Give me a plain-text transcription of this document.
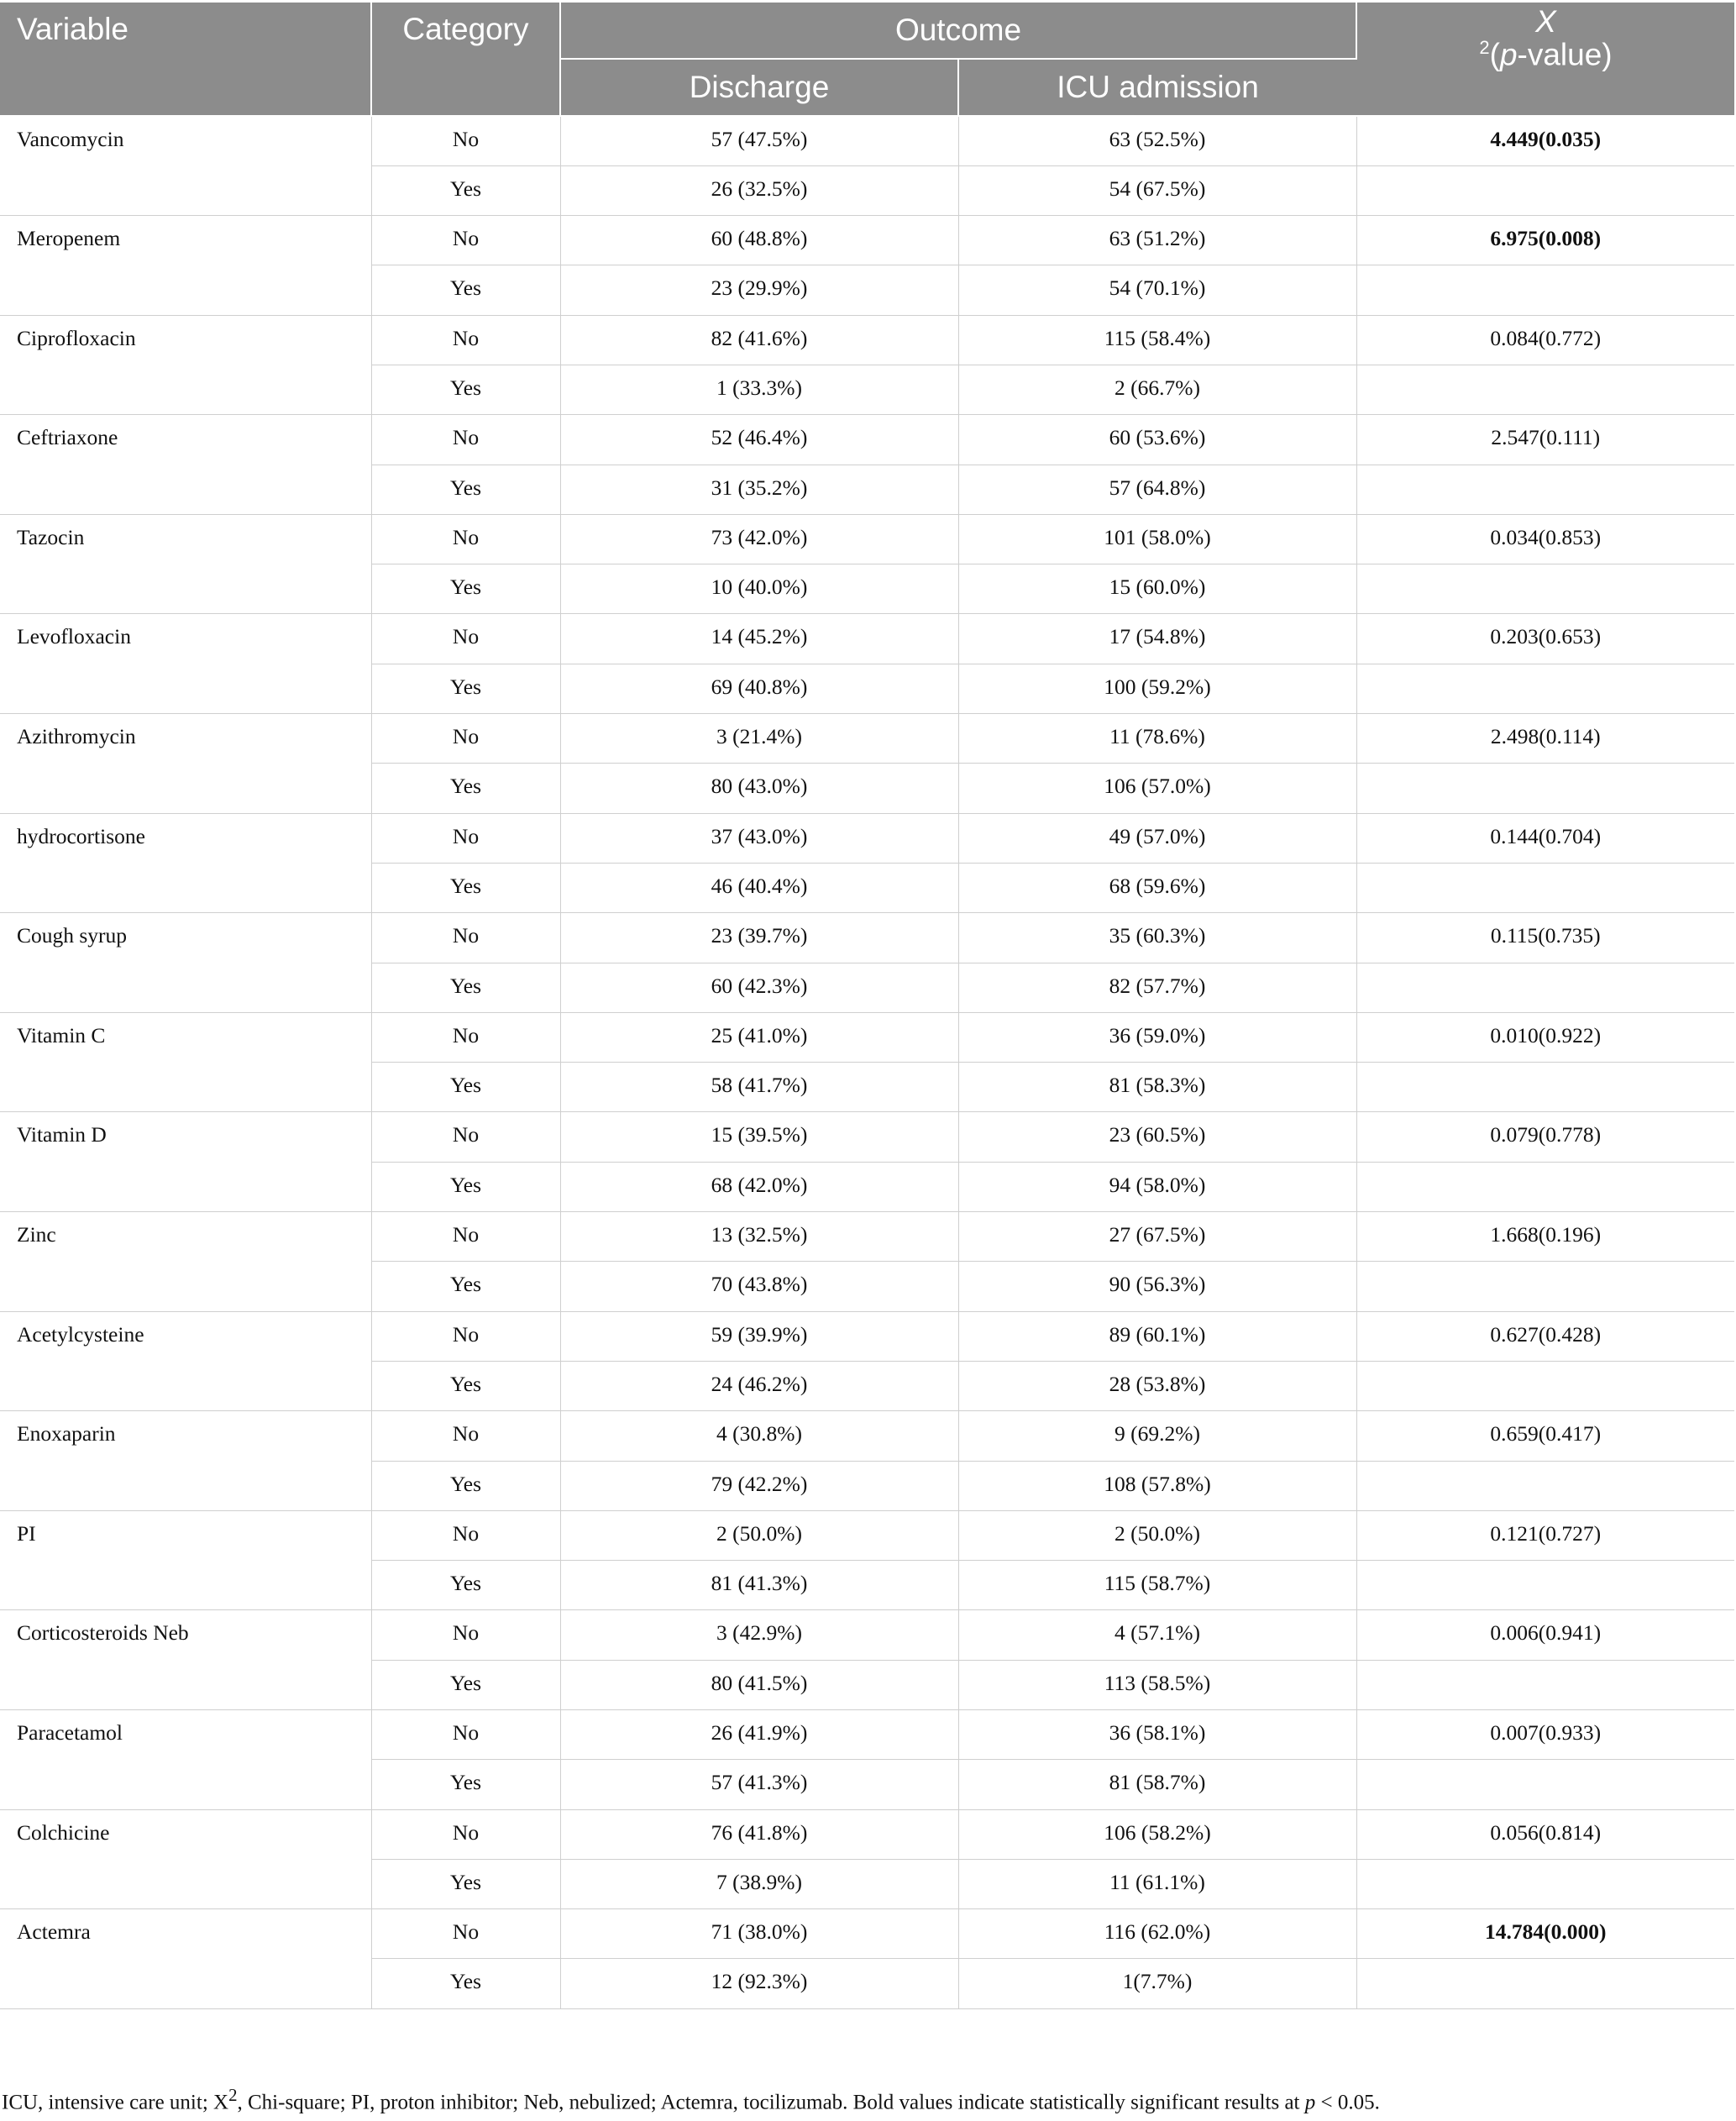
Variable	Category	Outcome		X
$^2$(p-value)

		Discharge	ICU admission	
Vancomycin	No	57 (47.5%)	63 (52.5%)	4.449(0.035)
	Yes	26 (32.5%)	54 (67.5%)	
Meropenem	No	60 (48.8%)	63 (51.2%)	6.975(0.008)
	Yes	23 (29.9%)	54 (70.1%)	
Ciprofloxacin	No	82 (41.6%)	115 (58.4%)	0.084(0.772)
	Yes	1 (33.3%)	2 (66.7%)	
Ceftriaxone	No	52 (46.4%)	60 (53.6%)	2.547(0.111)
	Yes	31 (35.2%)	57 (64.8%)	
Tazocin	No	73 (42.0%)	101 (58.0%)	0.034(0.853)
	Yes	10 (40.0%)	15 (60.0%)	
Levofloxacin	No	14 (45.2%)	17 (54.8%)	0.203(0.653)
	Yes	69 (40.8%)	100 (59.2%)	
Azithromycin	No	3 (21.4%)	11 (78.6%)	2.498(0.114)
	Yes	80 (43.0%)	106 (57.0%)	
hydrocortisone	No	37 (43.0%)	49 (57.0%)	0.144(0.704)
	Yes	46 (40.4%)	68 (59.6%)	
Cough syrup	No	23 (39.7%)	35 (60.3%)	0.115(0.735)
	Yes	60 (42.3%)	82 (57.7%)	
Vitamin C	No	25 (41.0%)	36 (59.0%)	0.010(0.922)
	Yes	58 (41.7%)	81 (58.3%)	
Vitamin D	No	15 (39.5%)	23 (60.5%)	0.079(0.778)
	Yes	68 (42.0%)	94 (58.0%)	
Zinc	No	13 (32.5%)	27 (67.5%)	1.668(0.196)
	Yes	70 (43.8%)	90 (56.3%)	
Acetylcysteine	No	59 (39.9%)	89 (60.1%)	0.627(0.428)
	Yes	24 (46.2%)	28 (53.8%)	
Enoxaparin	No	4 (30.8%)	9 (69.2%)	0.659(0.417)
	Yes	79 (42.2%)	108 (57.8%)	
PI	No	2 (50.0%)	2 (50.0%)	0.121(0.727)
	Yes	81 (41.3%)	115 (58.7%)	
Corticosteroids Neb	No	3 (42.9%)	4 (57.1%)	0.006(0.941)
	Yes	80 (41.5%)	113 (58.5%)	
Paracetamol	No	26 (41.9%)	36 (58.1%)	0.007(0.933)
	Yes	57 (41.3%)	81 (58.7%)	
Colchicine	No	76 (41.8%)	106 (58.2%)	0.056(0.814)
	Yes	7 (38.9%)	11 (61.1%)	
Actemra	No	71 (38.0%)	116 (62.0%)	14.784(0.000)
	Yes	12 (92.3%)	1(7.7%)	
ICU, intensive care unit; $X^2$, Chi-square; PI, proton inhibitor; Neb, nebulized; Actemra, tocilizumab. Bold values indicate statistically significant results at p < 0.05.
